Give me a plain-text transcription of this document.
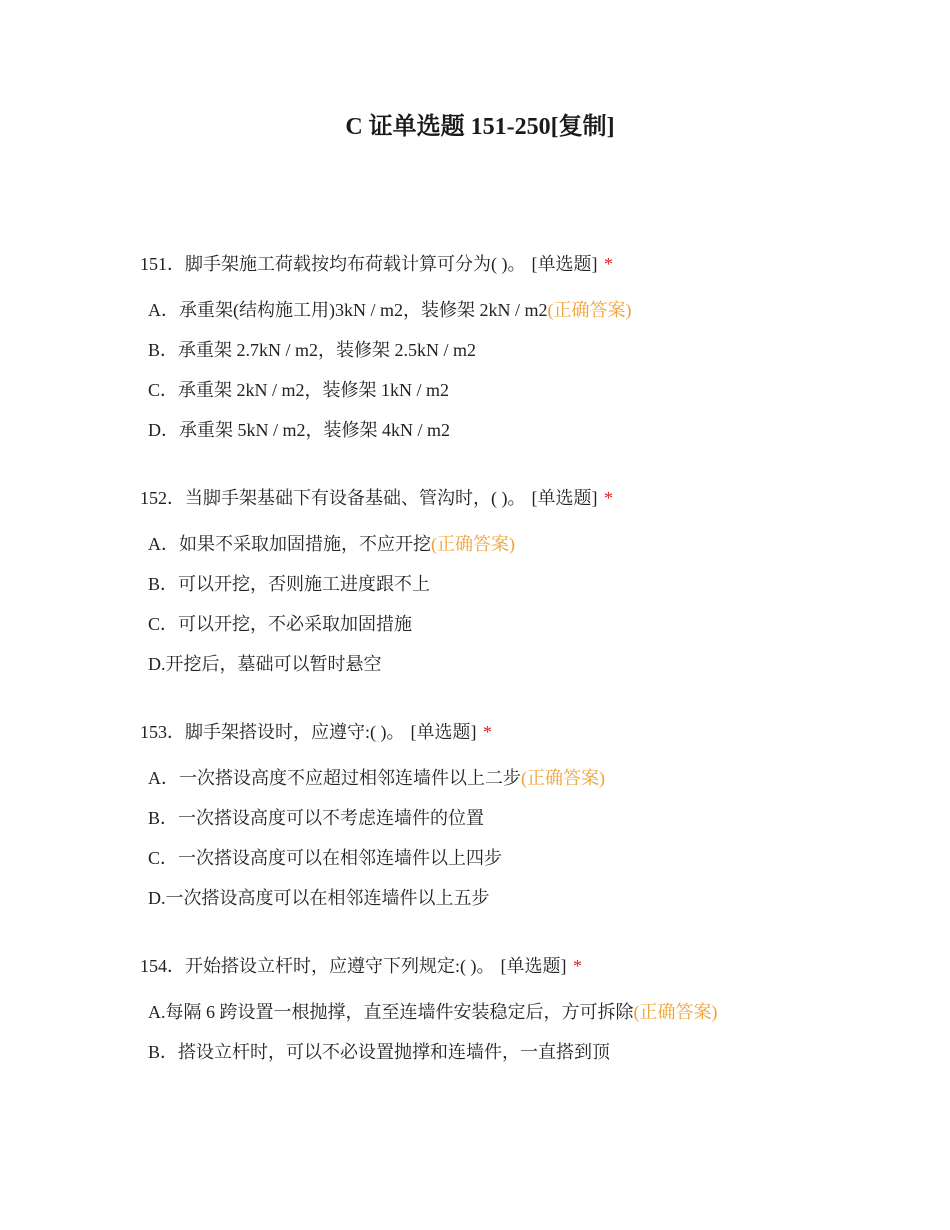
C 证单选题 151-250[复制]

151．脚手架施工荷载按均布荷载计算可分为( )。 [单选题] *

A．承重架(结构施工用)3kN / m2，装修架 2kN / m2(正确答案)
B．承重架 2.7kN / m2，装修架 2.5kN / m2
C．承重架 2kN / m2，装修架 1kN / m2
D．承重架 5kN / m2，装修架 4kN / m2

152．当脚手架基础下有设备基础、管沟时，( )。 [单选题] *

A．如果不采取加固措施，不应开挖(正确答案)
B．可以开挖，否则施工进度跟不上
C．可以开挖，不必采取加固措施
D.开挖后，墓础可以暂时悬空

153．脚手架搭设时，应遵守:( )。 [单选题] *

A．一次搭设高度不应超过相邻连墙件以上二步(正确答案)
B．一次搭设高度可以不考虑连墙件的位置
C．一次搭设高度可以在相邻连墙件以上四步
D.一次搭设高度可以在相邻连墙件以上五步

154．开始搭设立杆时，应遵守下列规定:( )。 [单选题] *

A.每隔 6 跨设置一根抛撑，直至连墙件安装稳定后，方可拆除(正确答案)
B．搭设立杆时，可以不必设置抛撑和连墙件，一直搭到顶
